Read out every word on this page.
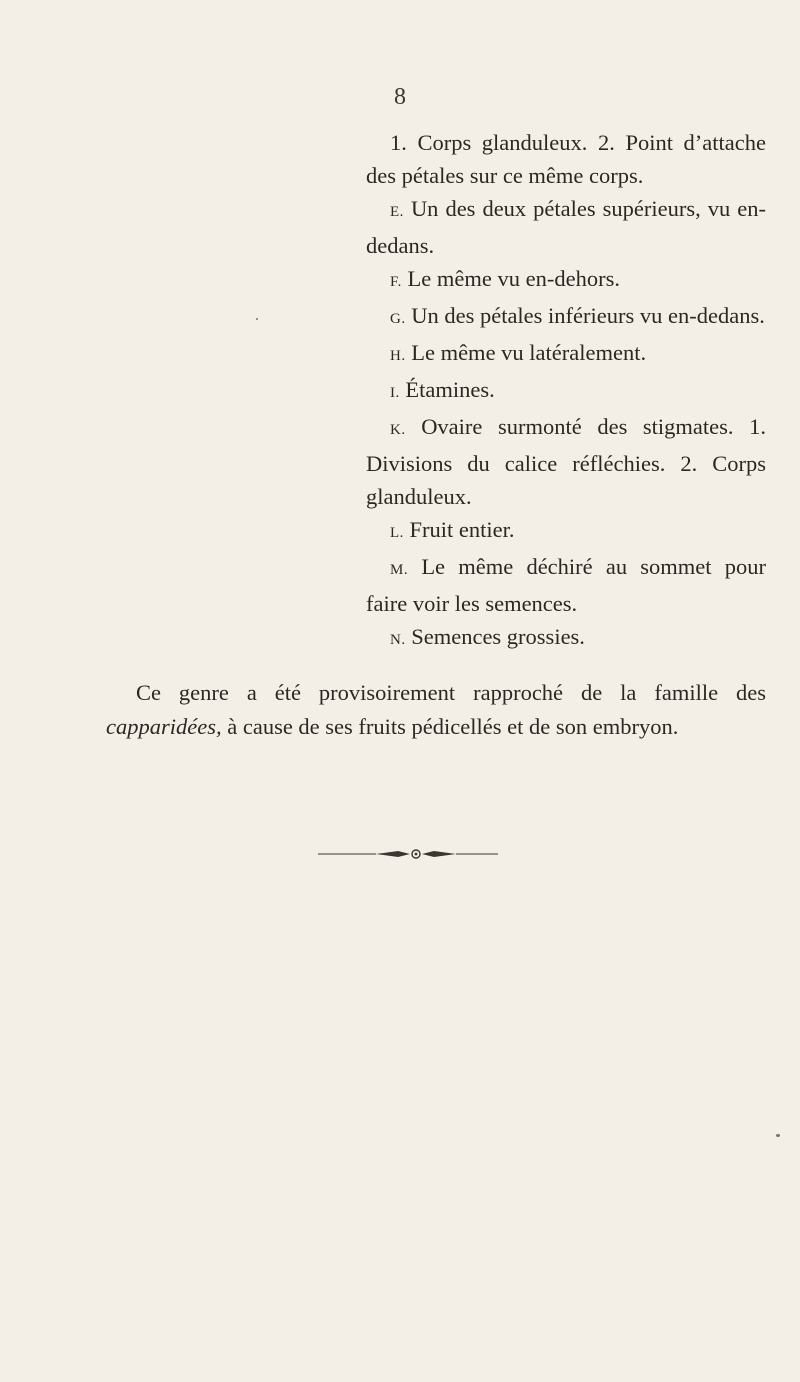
8

1. Corps glanduleux. 2. Point d’attache des pétales sur ce même corps.

E. Un des deux pétales supérieurs, vu en-dedans.

F. Le même vu en-dehors.

G. Un des pétales inférieurs vu en-dedans.

H. Le même vu latéralement.

I. Étamines.

K. Ovaire surmonté des stigmates. 1. Divisions du calice réfléchies. 2. Corps glanduleux.

L. Fruit entier.

M. Le même déchiré au sommet pour faire voir les semences.

N. Semences grossies.

Ce genre a été provisoirement rapproché de la famille des capparidées, à cause de ses fruits pédicellés et de son embryon.
